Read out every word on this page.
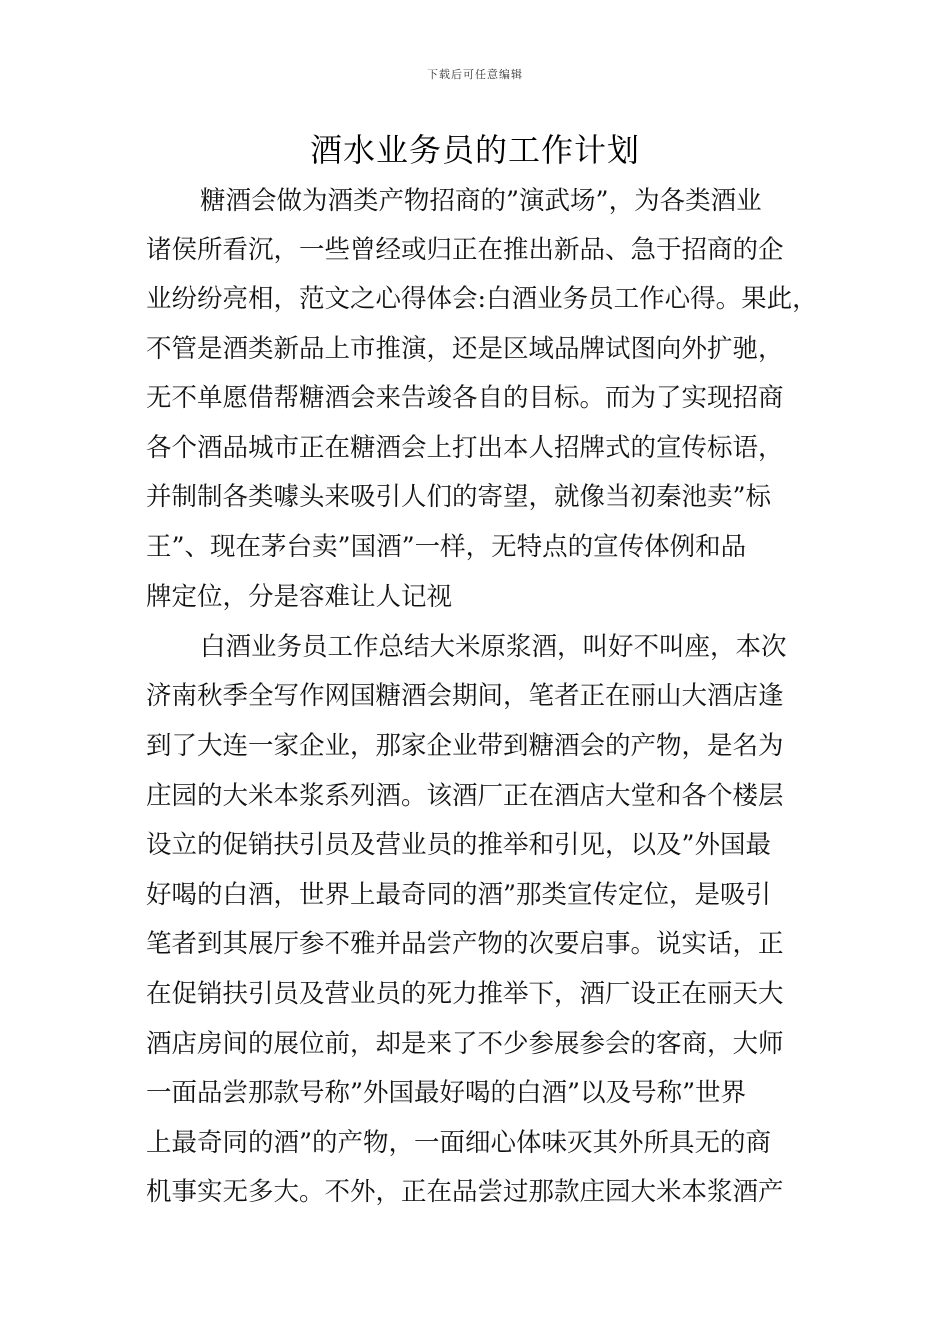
下载后可任意编辑
酒水业务员的工作计划
糖酒会做为酒类产物招商的”演武场”，为各类酒业
诸侯所看沉，一些曾经或归正在推出新品、急于招商的企
业纷纷亮相，范文之心得体会:白酒业务员工作心得。果此，
不管是酒类新品上市推演，还是区域品牌试图向外扩驰，
无不单愿借帮糖酒会来告竣各自的目标。而为了实现招商
各个酒品城市正在糖酒会上打出本人招牌式的宣传标语，
并制制各类噱头来吸引人们的寄望，就像当初秦池卖”标
王”、现在茅台卖”国酒”一样，无特点的宣传体例和品
牌定位，分是容难让人记视
白酒业务员工作总结大米原浆酒，叫好不叫座，本次
济南秋季全写作网国糖酒会期间，笔者正在丽山大酒店逢
到了大连一家企业，那家企业带到糖酒会的产物，是名为
庄园的大米本浆系列酒。该酒厂正在酒店大堂和各个楼层
设立的促销扶引员及营业员的推举和引见，以及”外国最
好喝的白酒，世界上最奇同的酒”那类宣传定位，是吸引
笔者到其展厅参不雅并品尝产物的次要启事。说实话，正
在促销扶引员及营业员的死力推举下，酒厂设正在丽天大
酒店房间的展位前，却是来了不少参展参会的客商，大师
一面品尝那款号称”外国最好喝的白酒”以及号称”世界
上最奇同的酒”的产物，一面细心体味灭其外所具无的商
机事实无多大。不外，正在品尝过那款庄园大米本浆酒产
